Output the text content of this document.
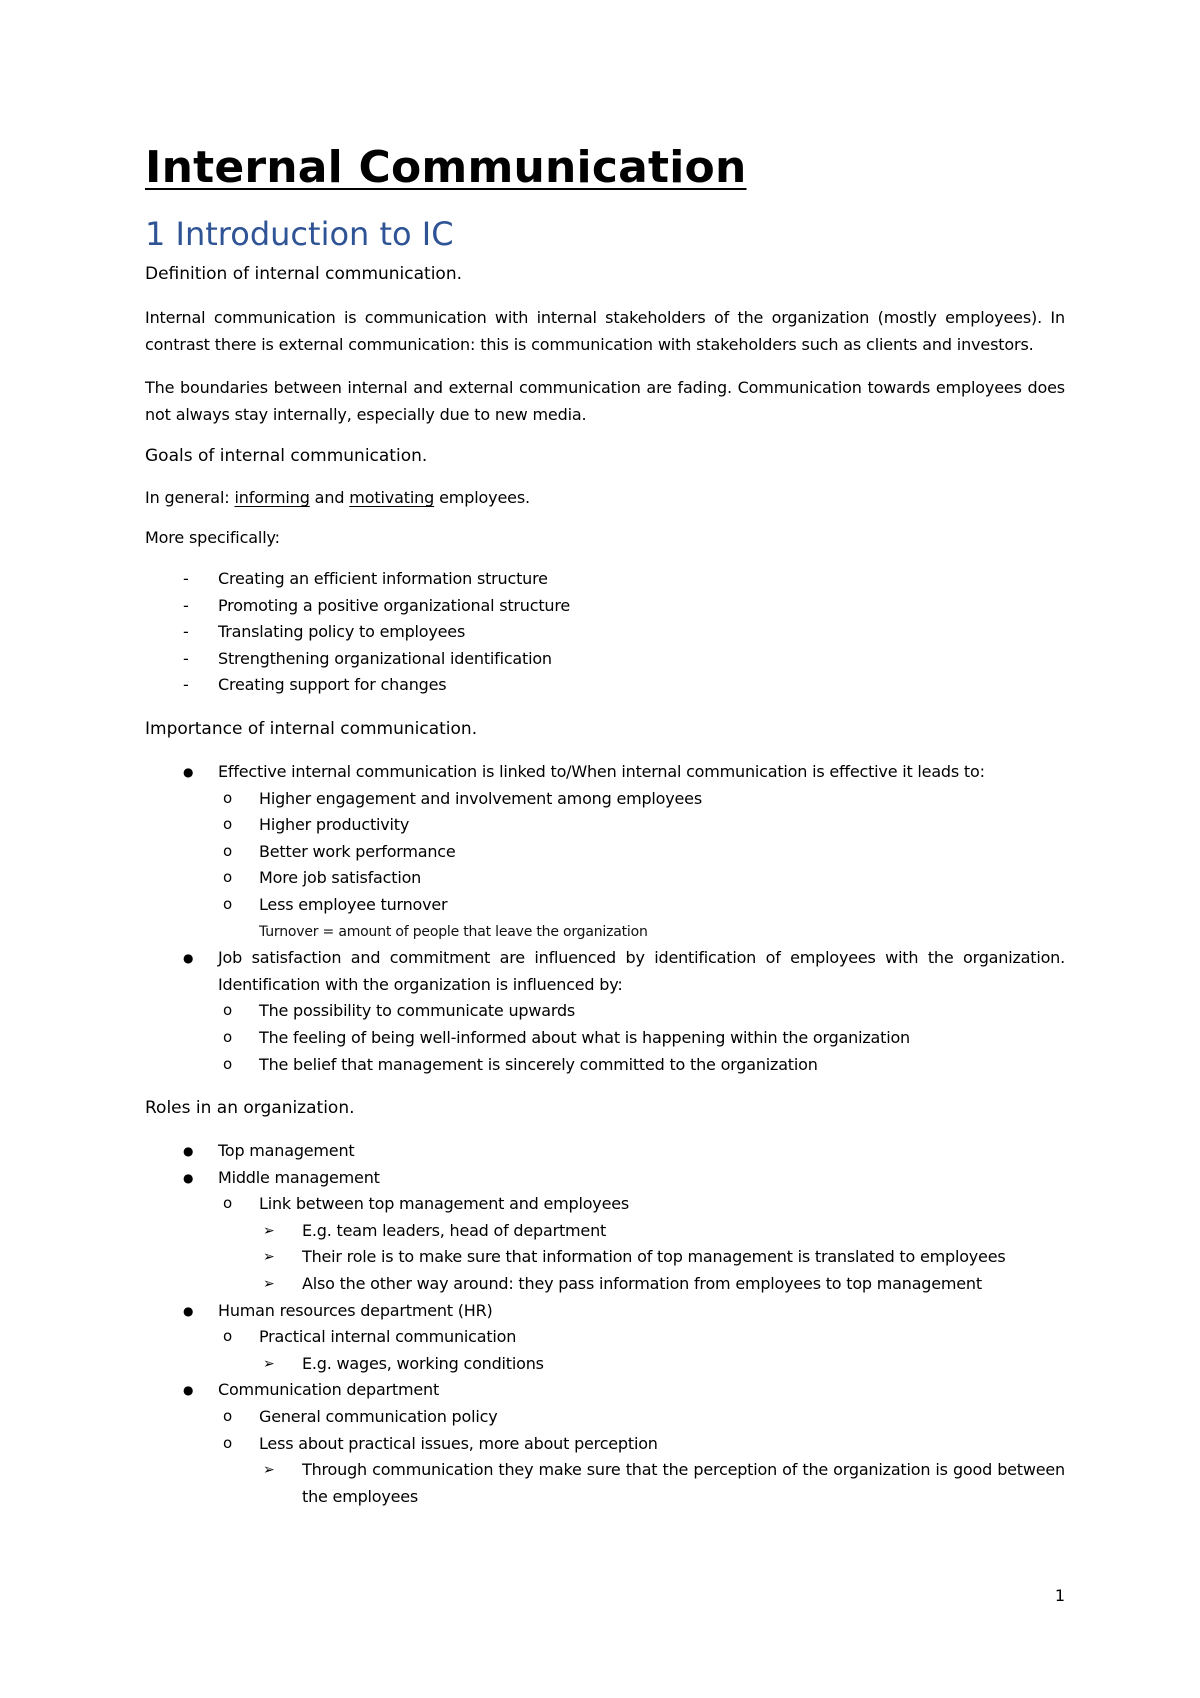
Internal Communication
1 Introduction to IC
Definition of internal communication.

Internal communication is communication with internal stakeholders of the organization (mostly employees). In contrast there is external communication: this is communication with stakeholders such as clients and investors.

The boundaries between internal and external communication are fading. Communication towards employees does not always stay internally, especially due to new media.

Goals of internal communication.

In general: informing and motivating employees.

More specifically:

- Creating an efficient information structure
- Promoting a positive organizational structure
- Translating policy to employees
- Strengthening organizational identification
- Creating support for changes
Importance of internal communication.
● Effective internal communication is linked to/When internal communication is effective it leads to:
o Higher engagement and involvement among employees
o Higher productivity
o Better work performance
o More job satisfaction
o Less employee turnover
Turnover = amount of people that leave the organization
● Job satisfaction and commitment are influenced by identification of employees with the organization. Identification with the organization is influenced by:
o The possibility to communicate upwards
o The feeling of being well-informed about what is happening within the organization
o The belief that management is sincerely committed to the organization
Roles in an organization.
● Top management
● Middle management
o Link between top management and employees
➢ E.g. team leaders, head of department
➢ Their role is to make sure that information of top management is translated to employees
➢ Also the other way around: they pass information from employees to top management
● Human resources department (HR)
o Practical internal communication
➢ E.g. wages, working conditions
● Communication department
o General communication policy
o Less about practical issues, more about perception
➢ Through communication they make sure that the perception of the organization is good between the employees
1
